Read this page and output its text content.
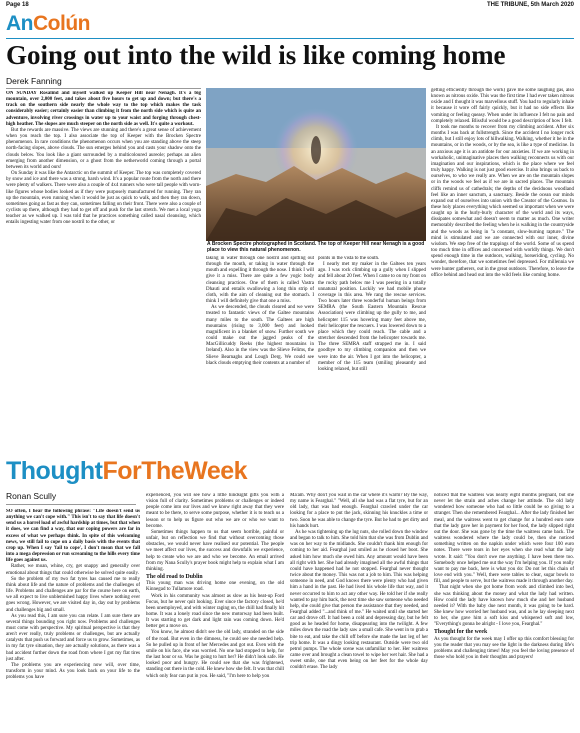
Page 18	THE TRIBUNE, 5th March 2020
AnColún
Going out into the wild is like coming home
Derek Fanning

ON SUNDAY Rosalind and myself walked up Keeper Hill near Nenagh. It's a big mountain, over 2,000 feet, and takes about five hours to get up and down; but there's a track on the southern side nearly the whole way to the top which makes the task considerably easier; certainly easier than climbing it from the north side which is quite an adventure, involving river crossings in water up to your waist and forging through chest-high heather. The slopes are much steeper on the north side as well. It's quite a workout.

But the rewards are massive. The views are stunning and there's a great sense of achievement when you reach the top. I also associate the top of Keeper with the Brocken Spectre phenomenon. In rare conditions the phenomenon occurs when you are standing above the steep north-facing slopes, above clouds. The sun emerges behind you and casts your shadow onto the clouds below. You look like a giant surrounded by a multicoloured aureole; perhaps an alien emerging from another dimension, or a ghost from the netherworld coming through a portal between its world and ours!

On Sunday it was like the Antarctic on the summit of Keeper. The top was completely covered by snow and ice and there was a strong, harsh wind. It's a popular route from the north and there were plenty of walkers. There were also a couple of 4x4 runners who were tall people with worn-like figures whose bodies looked as if they were purposely manufactured for running. They ran up the mountain, even running when it would be just as quick to walk, and then they ran down, sometimes going as fast as they can, sometimes falling on their front. There were also a couple of cyclists up there, although they had to get off and push for the last stretch. We met a local yoga teacher as we walked up. I was told that he practices something called nasal cleansing, which entails ingesting water from one nostril to the other, or

A Brocken Spectre photographed in Scotland. The top of Keeper Hill near Nenagh is a good place to view this natural phenomenon.

taking in water through one nostril and spitting out through the mouth, or taking in water through the mouth and expelling it through the nose. I think I will give it a miss. There are quite a few yogic body cleansing practices. One of them is called Vastra Dhauti and entails swallowing a long thin strip of cloth, with the aim of cleaning out the stomach. I think I will definitely give that one a miss.

As we descended, the clouds cleared and we were treated to fantastic views of the Galtee mountains many miles to the south. The Galtees are high mountains (rising to 3,000 feet) and looked magnificent in a blanket of snow. Further south we could make out the jagged peaks of the MacGillicuddy Reeks (the highest mountains in Ireland). Also in the view was the Slieve Felims, the Slieve Bearnaghs and Lough Derg. We could see black clouds emptying their contents at a number of

points in the vista to the south.

I nearly met my maker in the Galtees ten years ago. I was rock climbing up a gully when I slipped and fell about 20 feet. When I came to on my front on the rocky path below me I was peering in a totally unnatural position. Luckily we had mobile phone coverage in this area. We rang the rescue services. Two hours later three wonderful human beings from SEMRA (the South Eastern Mountain Rescue Association) were climbing up the gully to me, and helicopter 115 was hovering many feet above me, their helicopter the rescuers. I was lowered down to a place which they could reach. The cable and a stretcher descended from the helicopter towards me. The three SEMRA staff strapped me in. I said goodbye to my climbing companion and then we were into the air. When I got into the helicopter, a member of the 115 team (smiling pleasantly and looking relaxed, but still

getting efficiently through the work) gave me some laughing gas, also known as nitrous oxide. This was the first time I had ever taken nitrous oxide and I thought it was marvellous stuff. You had to regularly inhale it because it wore off fairly quickly, but it had no side effects like vomiting or feeling queasy. When under its influence I felt no pain and completely relaxed. Blissful would be a good description of how I felt.

It took me months to recover from my climbing accident. After six months I was back at fullstrength. Since the accident I no longer rock climb, but I still enjoy lots of hillwalking. Walking, whether it be in the mountains, or in the woods, or by the sea, is like a type of medicine. In an anxious age it is an antidote for our anxieties. If we are working in workaholic, unimaginative places then walking reconnects us with our imagination and our inspirations, which is the place where we feel truly happy. Walking is not just good exercise. It also brings us back to ourselves, to who we really are. When we are on the mountain slopes or in the woods we feel as if we are in sacred places. The mountain cliffs remind us of cathedrals; the depths of the deciduous woodland feel like an inner sanctum, a sanctuary. Beside the ocean our minds expand out of ourselves into union with the Creator of the Cosmos. In these holy places everything which seemed so important when we were caught up in the hurly-burly character of the world and its ways, dissipates somewhat and doesn't seem to matter as much. One writer memorably described the feeling when he is walking in the countryside and the woods as being in "a constant, slow-burning rapture." The mind is stimulated and we are connected with our inner, divine wisdom. We step free of the trappings of the world. Some of us spend too much time in offices and concerned with worldly things. We don't spend enough time in the outdoors, walking, horseriding, cycling. No wonder, therefore, that we sometimes feel depressed. For millennia we were hunter gatherers, out in the great outdoors. Therefore, to leave the office behind and head out into the wild feels like coming home.

ThoughtForTheWeek
Ronan Scully

SO often, I hear the following phrase: "Life doesn't send us anything we can't cope with." This isn't to say that life doesn't send us a barrel load of awful hardship at times, but that when it does, we can find a way, that our coping powers are far in excess of what we perhaps think. In spite of this welcoming news, we still fail to cope on a daily basis with the events that crop up. When I say 'fail to cope', I don't mean that we fall into a mega depression or run screaming to the hills every time life goes against us.

Rather, we moan, whine, cry, get snappy and generally over emotional about things that could otherwise be solved quite easily.

So the problem of my two fat tyres has caused me to really think about life and the nature of problems and the challenges of life. Problems and challenges are par for the course here on earth, we all expect to live unblemished happy lives where nothing ever goes wrong. However, we are visited day in, day out by problems and challenges big and small.

As you read this, I am sure you can relate. I am sure there are several things bounding you right now. Problems and challenges must come with perspective. My spiritual perspective is that they aren't ever really, truly problems or challenges, but are actually catalysts that push us forward and force us to grow. Sometimes, as in my fat tyre situation, they are actually solutions, as there was a bad accident further down the road from where I got my flat tires just after.

The problems you are experiencing now will, over time, transform in your mind. As you look back on your life to the problems you have

experienced, you will see how a little hindsight gifts you with a vision full of clarity. Sometimes problems or challenges or indeed people come into our lives and we know right away that they were meant to be there, to serve some purpose, whether it is to teach us a lesson or to help us figure out who we are or who we want to become.

Sometimes things happen to us that seem horrible, painful or unfair, but on reflection we find that without overcoming those obstacles, we would never have realised our potential. The people we meet affect our lives, the success and downfalls we experience, help to create who we are and who we become. An email arrived from my Nana Scully's prayer book might help to explain what I am thinking.

The old road to Dublin

This young man was driving home one evening, on the old Kinnegad to Tullamore road.

Work in his community was almost as slow as his beat-up Ford Focus, but he never quit looking. Ever since the factory closed, he'd been unemployed, and with winter raging on, the chill had finally hit home. It was a lonely road since the new motorway had been built. It was starting to get dark and light rain was coming down. He'd better get a move on.

You know, he almost didn't see the old lady, stranded on the side of the road. But even in the dimness, he could see she needed help. So he pulled up in front of her Mercedes and got out. Even with the smile on his face, she was worried. No one had stopped to help, for the last hour or so. Was he going to hurt her? He didn't look safe. He looked poor and hungry. He could see that she was frightened, standing out there in the cold. He knew how she felt. It was that chill which only fear can put in you. He said, "I'm here to help you

Ma'am. Why don't you wait in the car where it's warm? By the way, my name is Fearghal." "Well, all she had was a flat tyre, but for an old lady, that was bad enough. Fearghal crawled under the car looking for a place to put the jack, skinning his knuckles a time or two. Soon he was able to change the tyre. But he had to get dirty and his hands hurt.

As he was tightening up the lug nuts, she rolled down the window and began to talk to him. She told him that she was from Dublin and was on her way to the midlands. She couldn't thank him enough for coming to her aid. Fearghal just smiled as he closed her boot. She asked him how much she owed him. Any amount would have been all right with her. She had already imagined all the awful things that could have happened had he not stopped. Fearghal never thought twice about the money. This was not a job to him. This was helping someone in need, and God knows there were plenty who had given him a hand in the past. He had lived his whole life that way, and it never occurred to him to act any other way. He told her if she really wanted to pay him back, the next time she saw someone who needed help, she could give that person the assistance that they needed, and Fearghal added "...and think of me." He waited until she started her car and drove off. It had been a cold and depressing day, but he felt good as he headed for home, disappearing into the twilight. A few miles down the road the lady saw a small cafe. She went in to grab a bite to eat, and take the chill off before she made the last leg of her trip home. It was a dingy looking restaurant. Outside were two old petrol pumps. The whole scene was unfamiliar to her. Her waitress came over and brought a clean towel to wipe her wet hair. She had a sweet smile, one that even being on her feet for the whole day couldn't erase. The lady

noticed that the waitress was nearly eight months pregnant, but she never let the strain and aches change her attitude. The old lady wondered how someone who had so little could be so giving to a stranger. Then she remembered Fearghal... After the lady finished her meal, and the waitress went to get change for a hundred euro note that the lady gave her in payment for her food, the lady slipped right out the door. She was gone by the time the waitress came back. The waitress wondered where the lady could be, then she noticed something written on the napkin under which were four 100 euro notes. There were tears in her eyes when she read what the lady wrote. It said: "You don't owe me anything. I have been there too. Somebody once helped me out the way I'm helping you. If you really want to pay me back, here is what you do: Do not let this chain of love end with you." Well, there were tables to clear, sugar bowls to fill, and people to serve, but the waitress made it through another day.

That night when she got home from work and climbed into bed, she was thinking about the money and what the lady had written. How could the lady have known how much she and her husband needed it? With the baby due next month, it was going to be hard. She knew how worried her husband was, and as he lay sleeping next to her, she gave him a soft kiss and whispered soft and low, "Everything's gonna be alright - I love you, Fearghal."

Thought for the week

As you thought for the week may I offer up this comfort blessing for you the reader that you may see the light in the darkness during life's problems and challenging times! May you feel the loving presence of those who hold you in their thoughts and prayers!
